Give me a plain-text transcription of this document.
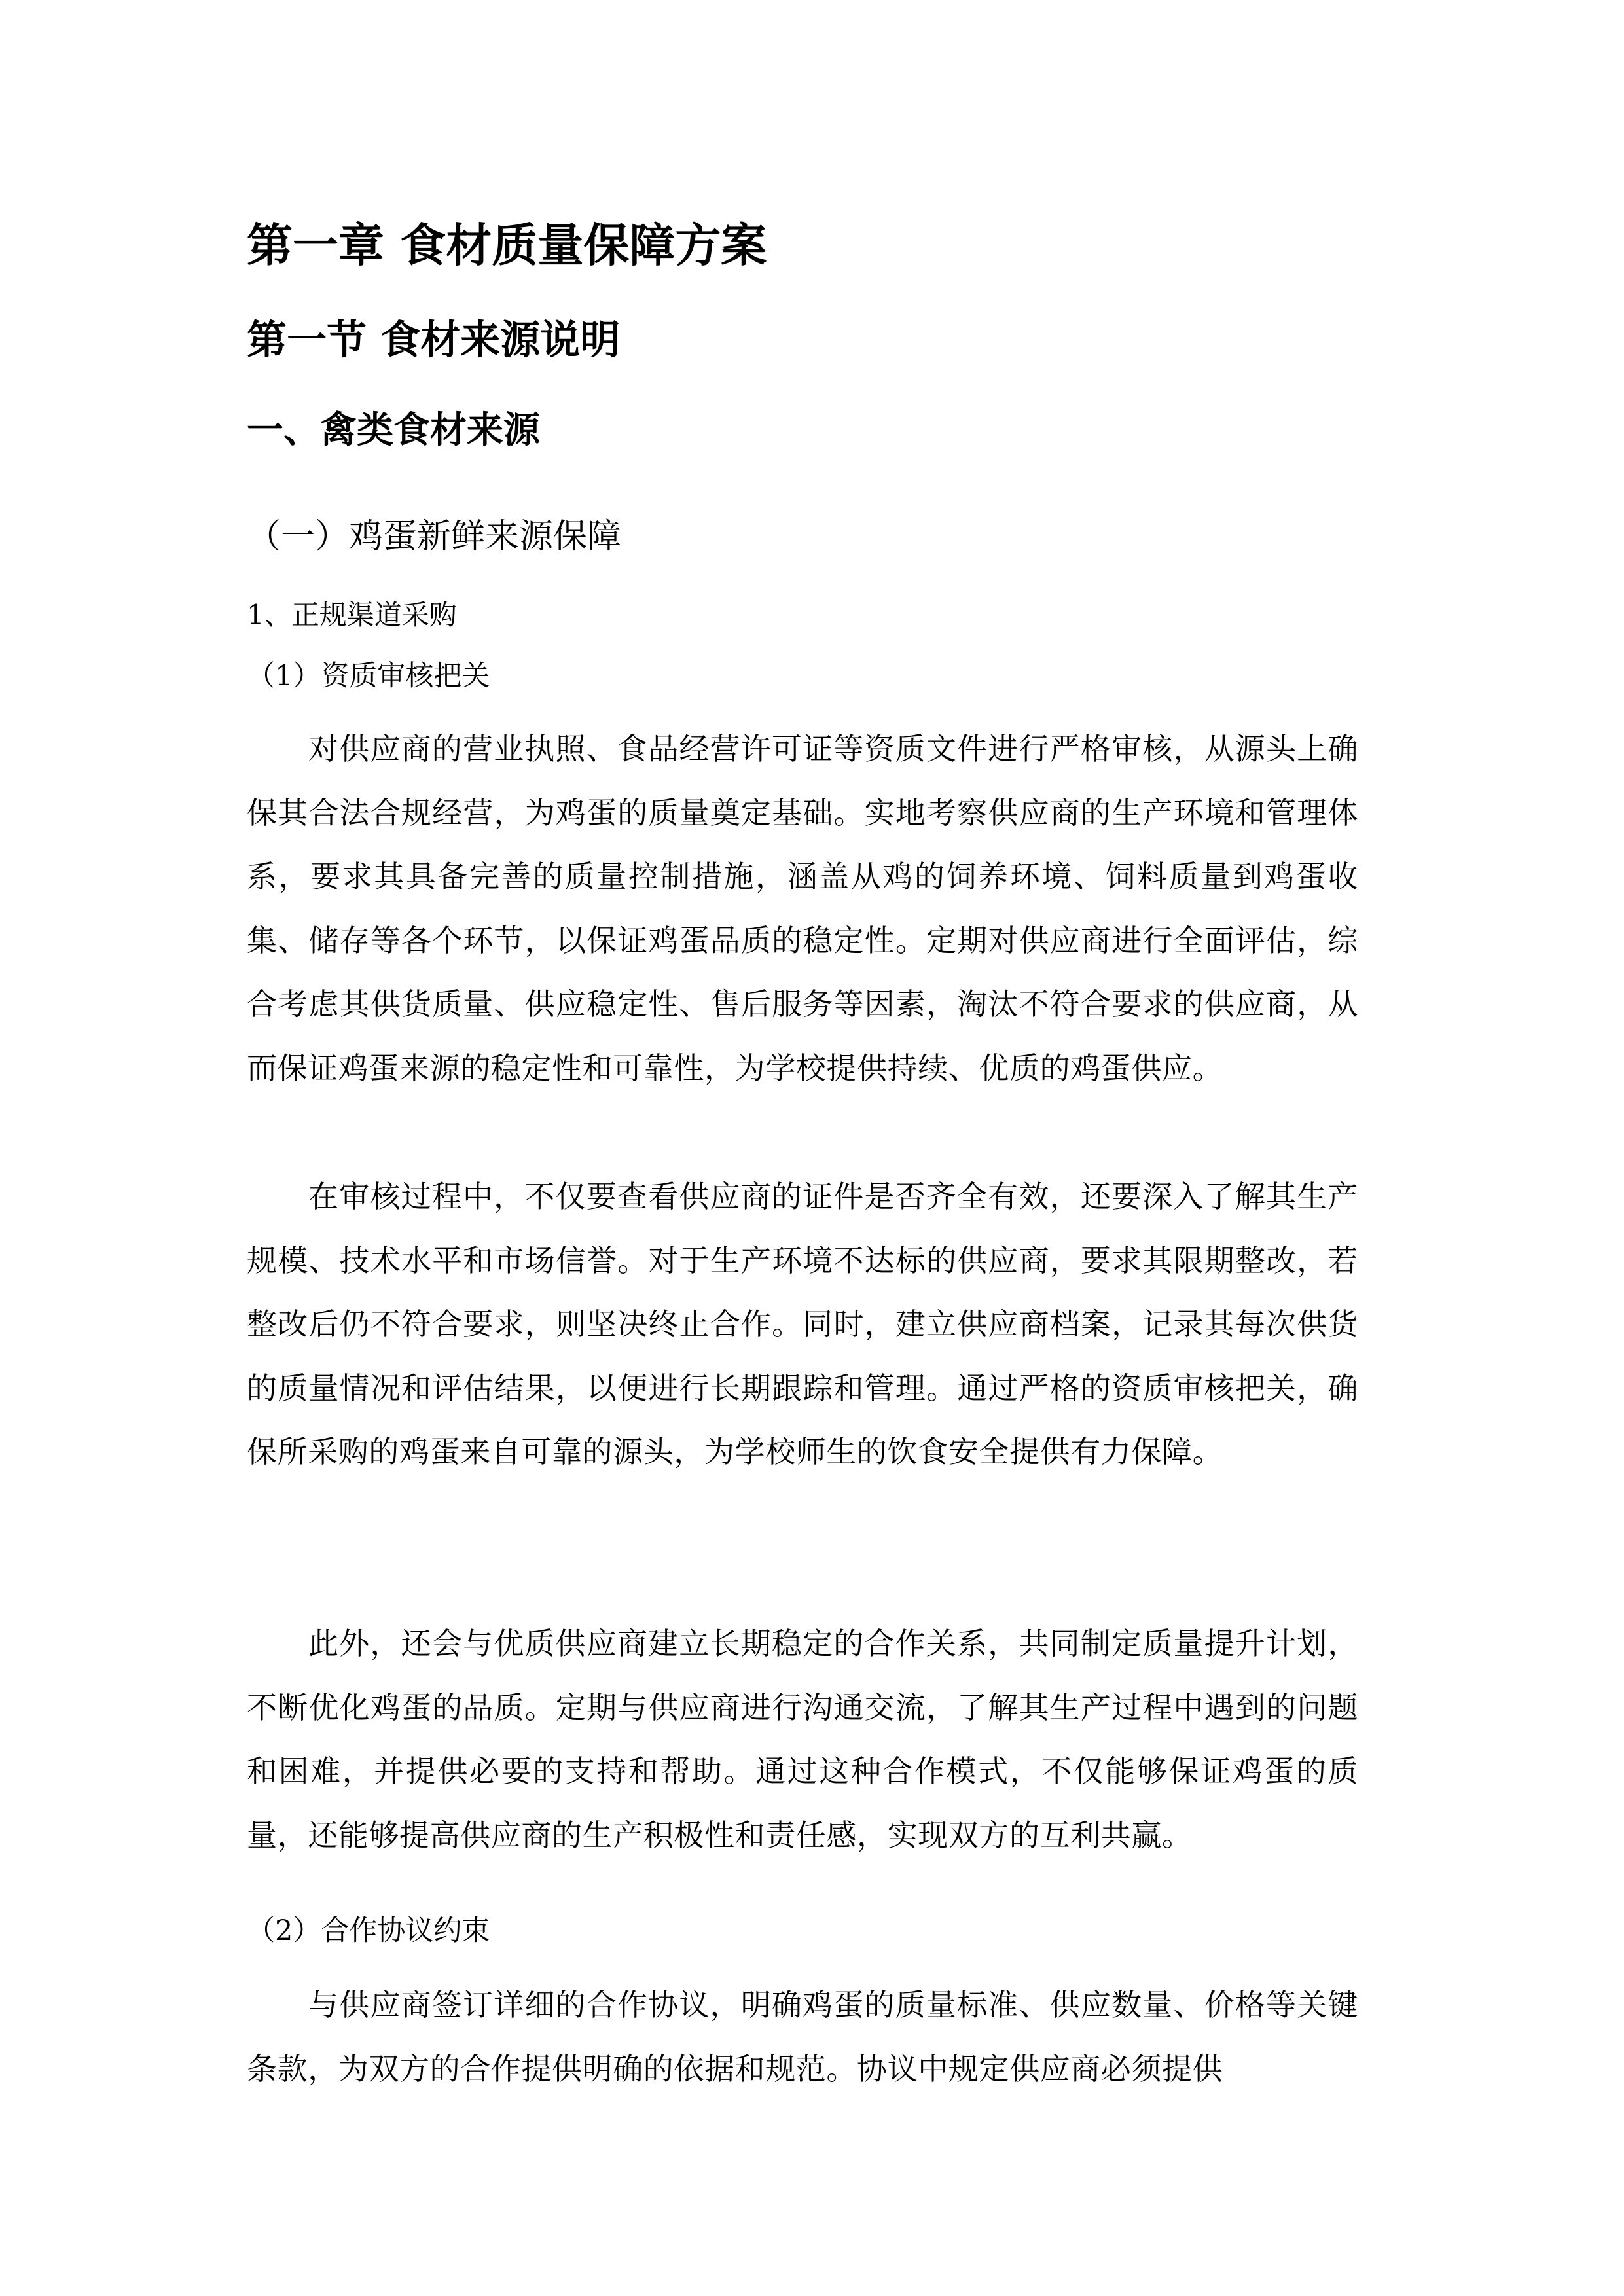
第一章 食材质量保障方案
第一节 食材来源说明
一、禽类食材来源
（一）鸡蛋新鲜来源保障
1、正规渠道采购
（1）资质审核把关

对供应商的营业执照、食品经营许可证等资质文件进行严格审核，从源头上确保其合法合规经营，为鸡蛋的质量奠定基础。实地考察供应商的生产环境和管理体系，要求其具备完善的质量控制措施，涵盖从鸡的饲养环境、饲料质量到鸡蛋收集、储存等各个环节，以保证鸡蛋品质的稳定性。定期对供应商进行全面评估，综合考虑其供货质量、供应稳定性、售后服务等因素，淘汰不符合要求的供应商，从而保证鸡蛋来源的稳定性和可靠性，为学校提供持续、优质的鸡蛋供应。

在审核过程中，不仅要查看供应商的证件是否齐全有效，还要深入了解其生产规模、技术水平和市场信誉。对于生产环境不达标的供应商，要求其限期整改，若整改后仍不符合要求，则坚决终止合作。同时，建立供应商档案，记录其每次供货的质量情况和评估结果，以便进行长期跟踪和管理。通过严格的资质审核把关，确保所采购的鸡蛋来自可靠的源头，为学校师生的饮食安全提供有力保障。

此外，还会与优质供应商建立长期稳定的合作关系，共同制定质量提升计划，不断优化鸡蛋的品质。定期与供应商进行沟通交流，了解其生产过程中遇到的问题和困难，并提供必要的支持和帮助。通过这种合作模式，不仅能够保证鸡蛋的质量，还能够提高供应商的生产积极性和责任感，实现双方的互利共赢。

（2）合作协议约束

与供应商签订详细的合作协议，明确鸡蛋的质量标准、供应数量、价格等关键条款，为双方的合作提供明确的依据和规范。协议中规定供应商必须提供
